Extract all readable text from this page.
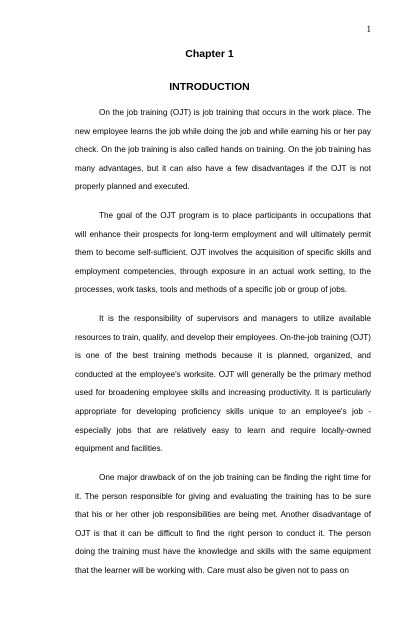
1
Chapter 1
INTRODUCTION

On the job training (OJT) is job training that occurs in the work place. The new employee learns the job while doing the job and while earning his or her pay check. On the job training is also called hands on training. On the job training has many advantages, but it can also have a few disadvantages if the OJT is not properly planned and executed.

The goal of the OJT program is to place participants in occupations that will enhance their prospects for long-term employment and will ultimately permit them to become self-sufficient. OJT involves the acquisition of specific skills and employment competencies, through exposure in an actual work setting, to the processes, work tasks, tools and methods of a specific job or group of jobs.

It is the responsibility of supervisors and managers to utilize available resources to train, qualify, and develop their employees. On-the-job training (OJT) is one of the best training methods because it is planned, organized, and conducted at the employee's worksite. OJT will generally be the primary method used for broadening employee skills and increasing productivity. It is particularly appropriate for developing proficiency skills unique to an employee's job - especially jobs that are relatively easy to learn and require locally-owned equipment and facilities.

One major drawback of on the job training can be finding the right time for it. The person responsible for giving and evaluating the training has to be sure that his or her other job responsibilities are being met. Another disadvantage of OJT is that it can be difficult to find the right person to conduct it. The person doing the training must have the knowledge and skills with the same equipment that the learner will be working with. Care must also be given not to pass on
